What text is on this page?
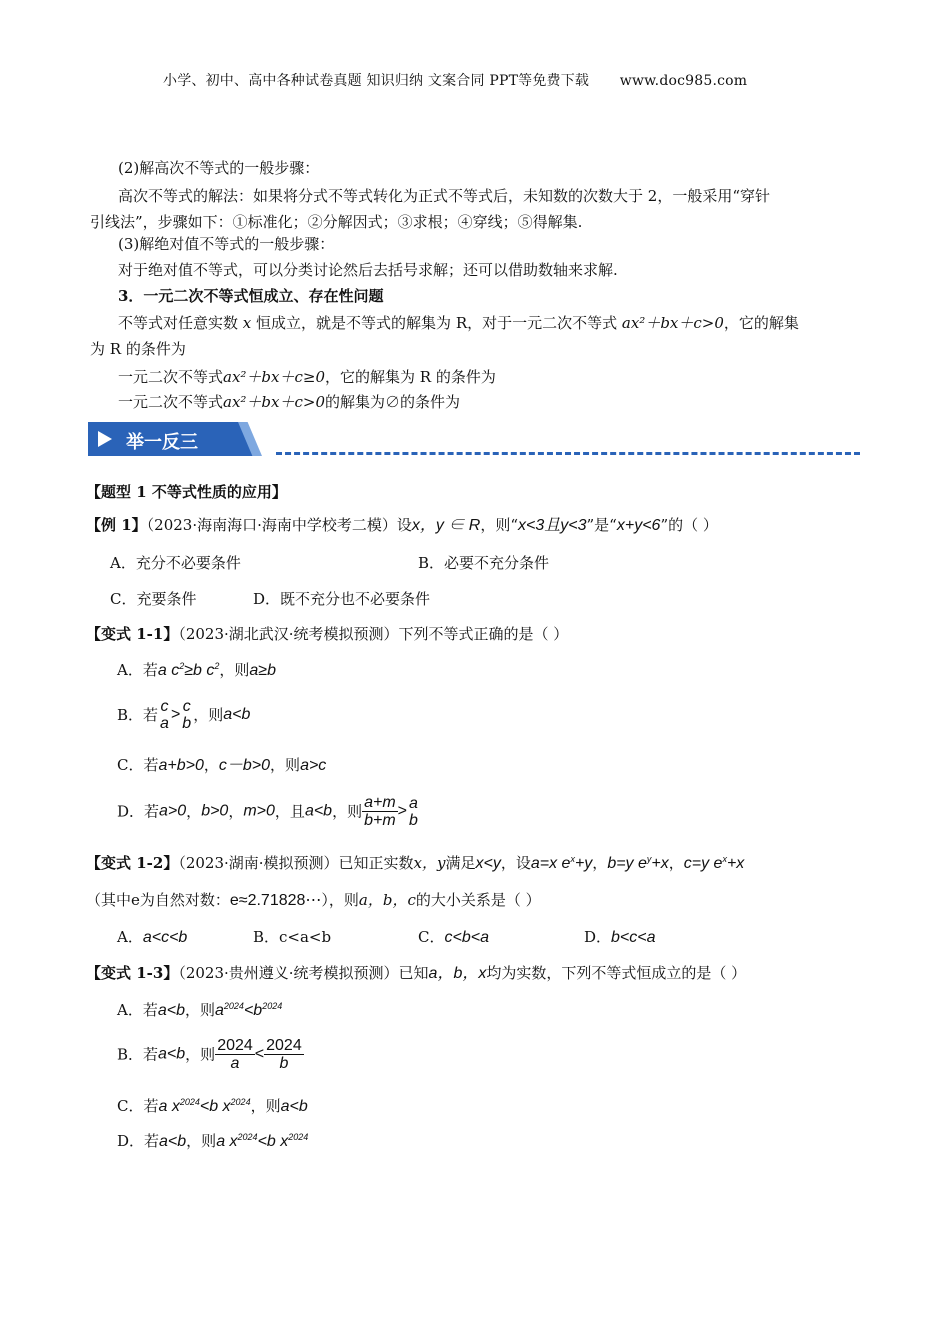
小学、初中、高中各种试卷真题 知识归纳 文案合同 PPT等免费下载 www.doc985.com
(2)解高次不等式的一般步骤：
高次不等式的解法：如果将分式不等式转化为正式不等式后，未知数的次数大于 2，一般采用“穿针
引线法”，步骤如下：①标准化；②分解因式；③求根；④穿线；⑤得解集.
(3)解绝对值不等式的一般步骤：
对于绝对值不等式，可以分类讨论然后去括号求解；还可以借助数轴来求解.
3．一元二次不等式恒成立、存在性问题
不等式对任意实数 x 恒成立，就是不等式的解集为 R，对于一元二次不等式 ax²＋bx＋c>0，它的解集
为 R 的条件为
一元二次不等式ax²＋bx＋c≥0，它的解集为 R 的条件为
一元二次不等式ax²＋bx＋c>0的解集为∅的条件为
举一反三
【题型 1 不等式性质的应用】
【例 1】（2023·海南海口·海南中学校考二模）设x，y ∈ R，则“x<3且y<3”是“x+y<6”的（ ）
A．充分不必要条件	B．必要不充分条件
C．充要条件	D．既不充分也不必要条件
【变式 1-1】（2023·湖北武汉·统考模拟预测）下列不等式正确的是（ ）
A．若a $c^2\ge b$ $c^2$，则a≥b
B．若 c
a
> c
b ，则a<b
C．若a+b>0，c－b>0，则a>c
D．若a>0，b>0，m>0，且a<b，则 $\frac{a+m}{b+m} > a$
b
【变式 1-2】（2023·湖南·模拟预测）已知正实数x，y满足x<y，设a=x $e^x+y$，b=y $e^y+x$，c=y $e^x+x$
（其中e为自然对数：e≈2.71828⋯），则a，b，c的大小关系是（ ）
A．a<c<b	B．c<a<b	C．c<b<a	D．b<c<a
【变式 1-3】（2023·贵州遵义·统考模拟预测）已知a，b，x均为实数，下列不等式恒成立的是（ ）
A．若a<b，则$a^{2024}<b^{2024}$
B．若a<b，则 $\frac{2024}{a} < \frac{2024}{b}$
C．若a $x^{2024}<b$ $x^{2024}$，则a<b
D．若a<b，则a $x^{2024}<b$ $x^{2024}$
